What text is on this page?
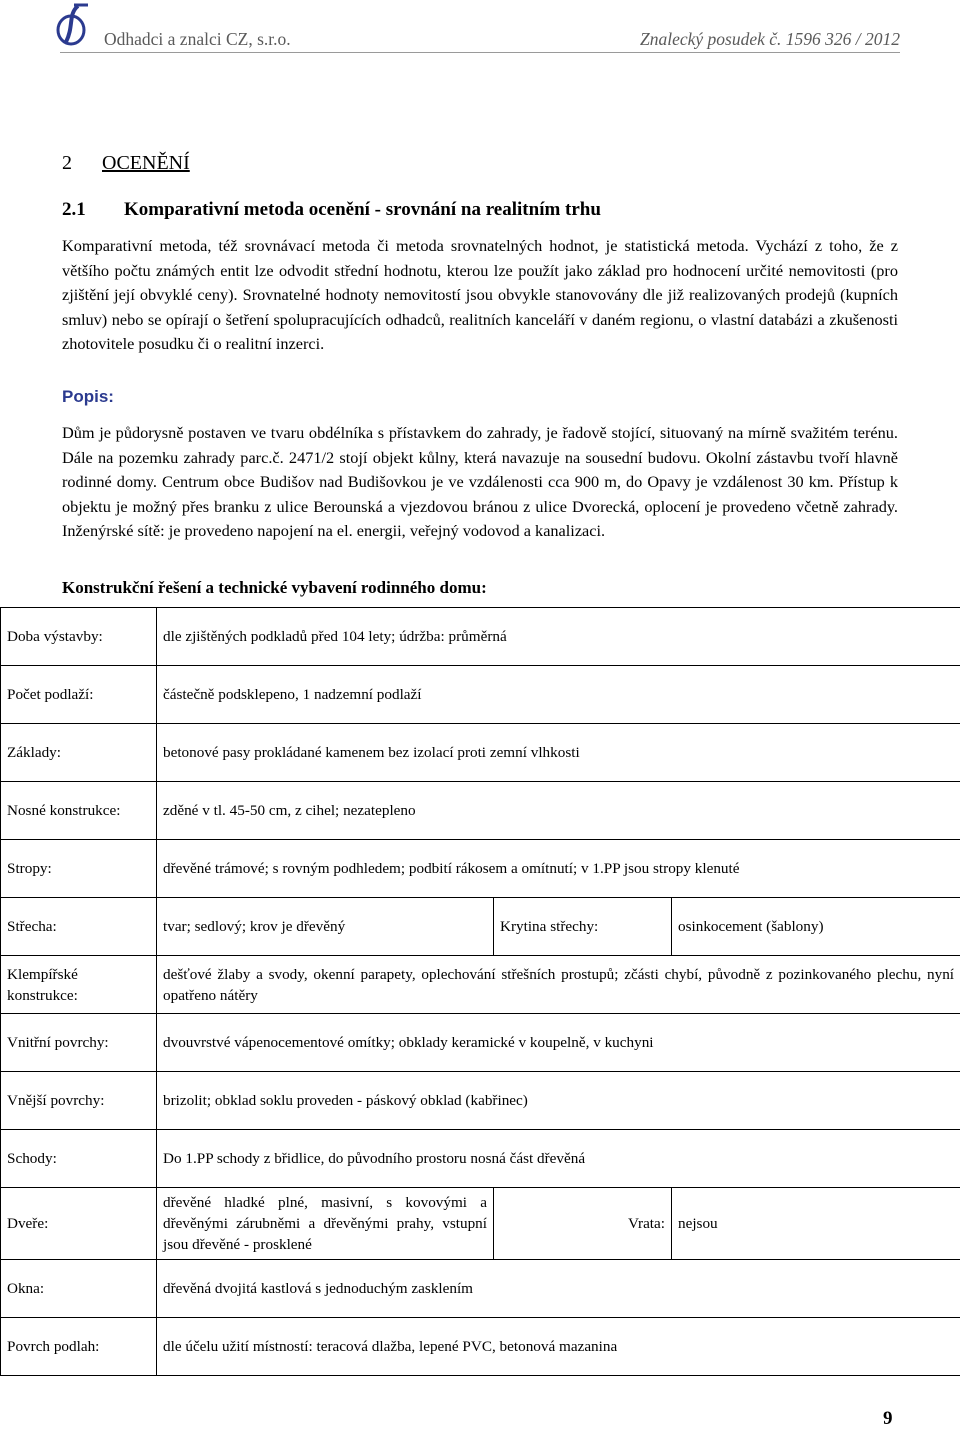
Odhadci a znalci CZ, s.r.o.	Znalecký posudek č. 1596 326 / 2012
2 OCENĚNÍ
2.1 Komparativní metoda ocenění - srovnání na realitním trhu

Komparativní metoda, též srovnávací metoda či metoda srovnatelných hodnot, je statistická metoda. Vychází z toho, že z většího počtu známých entit lze odvodit střední hodnotu, kterou lze použít jako základ pro hodnocení určité nemovitosti (pro zjištění její obvyklé ceny). Srovnatelné hodnoty nemovitostí jsou obvykle stanovovány dle již realizovaných prodejů (kupních smluv) nebo se opírají o šetření spolupracujících odhadců, realitních kanceláří v daném regionu, o vlastní databázi a zkušenosti zhotovitele posudku či o realitní inzerci.

Popis:

Dům je půdorysně postaven ve tvaru obdélníka s přístavkem do zahrady, je řadově stojící, situovaný na mírně svažitém terénu. Dále na pozemku zahrady parc.č. 2471/2 stojí objekt kůlny, která navazuje na sousední budovu. Okolní zástavbu tvoří hlavně rodinné domy. Centrum obce Budišov nad Budišovkou je ve vzdálenosti cca 900 m, do Opavy je vzdálenost 30 km. Přístup k objektu je možný přes branku z ulice Berounská a vjezdovou bránou z ulice Dvorecká, oplocení je provedeno včetně zahrady. Inženýrské sítě: je provedeno napojení na el. energii, veřejný vodovod a kanalizaci.

Konstrukční řešení a technické vybavení rodinného domu:
Doba výstavby:	dle zjištěných podkladů před 104 lety; údržba: průměrná		
Počet podlaží:	částečně podsklepeno, 1 nadzemní podlaží		
Základy:	betonové pasy prokládané kamenem bez izolací proti zemní vlhkosti		
Nosné konstrukce:	zděné v tl. 45-50 cm, z cihel; nezatepleno		
Stropy:	dřevěné trámové; s rovným podhledem; podbití rákosem a omítnutí; v 1.PP jsou stropy klenuté		
Střecha:	tvar; sedlový; krov je dřevěný	Krytina střechy:	osinkocement (šablony)
Klempířské konstrukce:	dešťové žlaby a svody, okenní parapety, oplechování střešních prostupů; zčásti chybí, původně z pozinkovaného plechu, nyní opatřeno nátěry		
Vnitřní povrchy:	dvouvrstvé vápenocementové omítky; obklady keramické v koupelně, v kuchyni		
Vnější povrchy:	brizolit; obklad soklu proveden - páskový obklad (kabřinec)		
Schody:	Do 1.PP schody z břidlice, do původního prostoru nosná část dřevěná		
Dveře:	dřevěné hladké plné, masivní, s kovovými a dřevěnými zárubněmi a dřevěnými prahy, vstupní jsou dřevěné - prosklené	Vrata:	nejsou
Okna:	dřevěná dvojitá kastlová s jednoduchým zasklením		
Povrch podlah:	dle účelu užití místností: teracová dlažba, lepené PVC, betonová mazanina		
9
